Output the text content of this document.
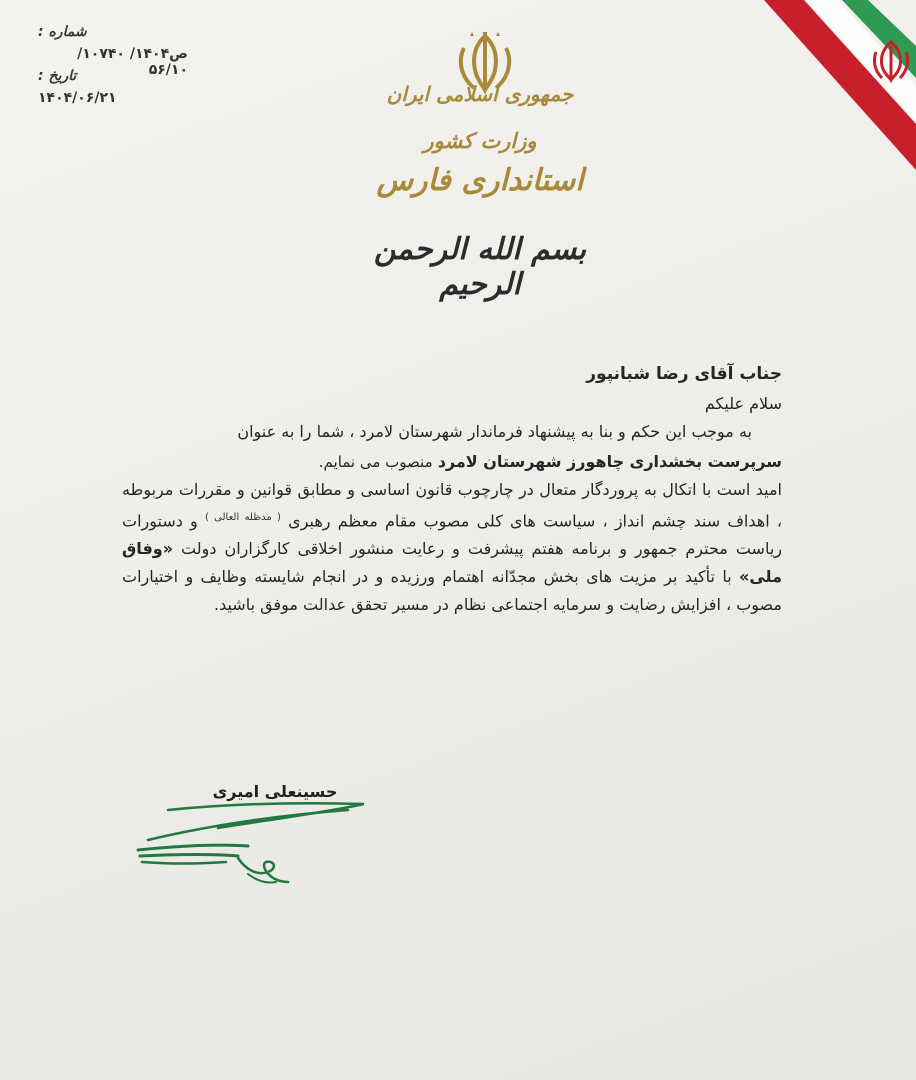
جمهوری اسلامی ایران
وزارت کشور
استانداری فارس
بسم الله الرحمن الرحیم
شماره :
ص۱۴۰۴/ ۱۰۷۴۰/ ۵۶/۱۰
تاریخ :
۱۴۰۴/۰۶/۲۱
جناب آقای رضا شبانپور
سلام علیکم
به موجب این حکم و بنا به پیشنهاد فرماندار شهرستان لامرد ، شما را به عنوان
سرپرست بخشداری چاهورز شهرستان لامرد منصوب می نمایم.
امید است با اتکال به پروردگار متعال در چارچوب قانون اساسی و مطابق قوانین و مقررات مربوطه ، اهداف سند چشم انداز ، سیاست های کلی مصوب مقام معظم رهبری $^{( مدظله العالی )}$ و دستورات ریاست محترم جمهور و برنامه هفتم پیشرفت و رعایت منشور اخلاقی کارگزاران دولت «وفاق ملی» با تأکید بر مزیت های بخش مجدّانه اهتمام ورزیده و در انجام شایسته وظایف و اختیارات مصوب ، افزایش رضایت و سرمایه اجتماعی نظام در مسیر تحقق عدالت موفق باشید.
حسینعلی امیری
